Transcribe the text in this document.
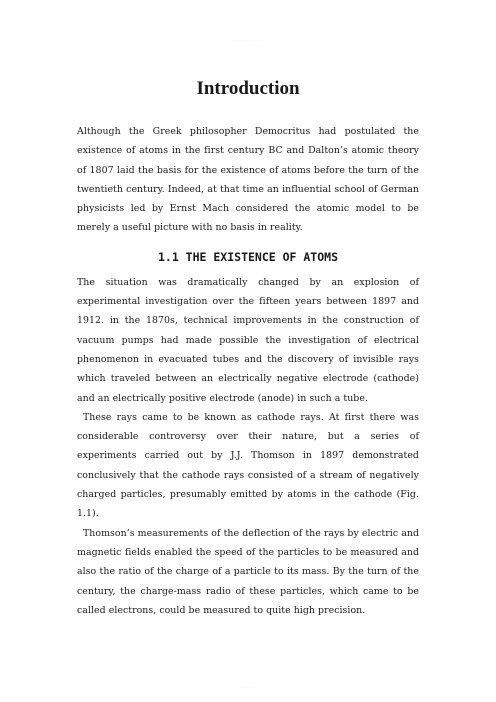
· · · · · · · ·
Introduction

Although the Greek philosopher Democritus had postulated the existence of atoms in the first century BC and Dalton’s atomic theory of 1807 laid the basis for the existence of atoms before the turn of the twentieth century. Indeed, at that time an influential school of German physicists led by Ernst Mach considered the atomic model to be merely a useful picture with no basis in reality.

1.1 THE EXISTENCE OF ATOMS

The situation was dramatically changed by an explosion of experimental investigation over the fifteen years between 1897 and 1912. in the 1870s, technical improvements in the construction of vacuum pumps had made possible the investigation of electrical phenomenon in evacuated tubes and the discovery of invisible rays which traveled between an electrically negative electrode (cathode) and an electrically positive electrode (anode) in such a tube.

These rays came to be known as cathode rays. At first there was considerable controversy over their nature, but a series of experiments carried out by J.J. Thomson in 1897 demonstrated conclusively that the cathode rays consisted of a stream of negatively charged particles, presumably emitted by atoms in the cathode (Fig. 1.1).

Thomson’s measurements of the deflection of the rays by electric and magnetic fields enabled the speed of the particles to be measured and also the ratio of the charge of a particle to its mass. By the turn of the century, the charge-mass radio of these particles, which came to be called electrons, could be measured to quite high precision.

· · · ·
